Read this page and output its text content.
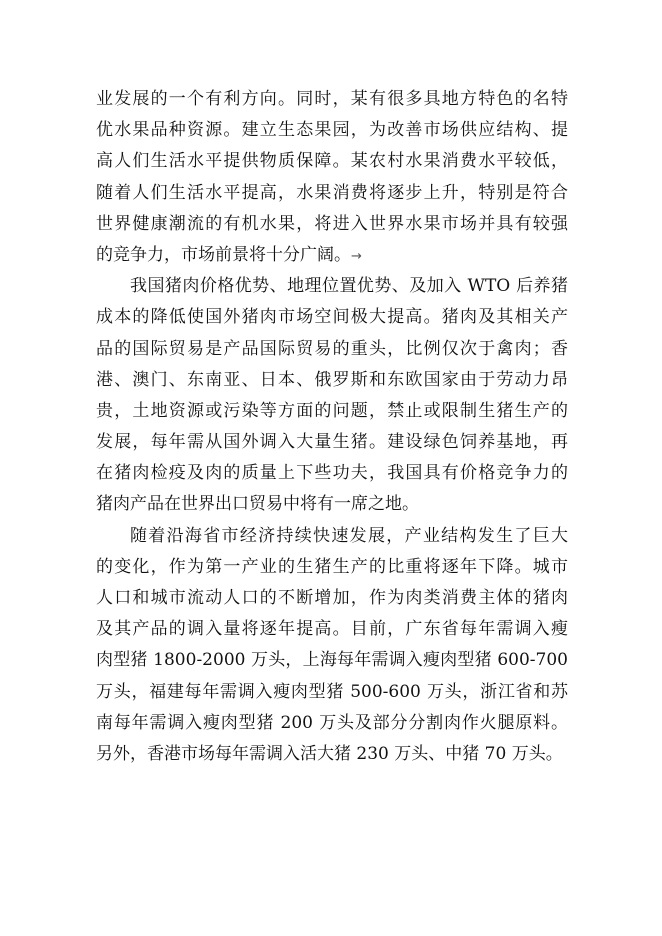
业发展的一个有利方向。同时，某有很多具地方特色的名特
优水果品种资源。建立生态果园，为改善市场供应结构、提
高人们生活水平提供物质保障。某农村水果消费水平较低，
随着人们生活水平提高，水果消费将逐步上升，特别是符合
世界健康潮流的有机水果，将进入世界水果市场并具有较强
的竞争力，市场前景将十分广阔。→
我国猪肉价格优势、地理位置优势、及加入 WTO 后养猪
成本的降低使国外猪肉市场空间极大提高。猪肉及其相关产
品的国际贸易是产品国际贸易的重头，比例仅次于禽肉；香
港、澳门、东南亚、日本、俄罗斯和东欧国家由于劳动力昂
贵，土地资源或污染等方面的问题，禁止或限制生猪生产的
发展，每年需从国外调入大量生猪。建设绿色饲养基地，再
在猪肉检疫及肉的质量上下些功夫，我国具有价格竞争力的
猪肉产品在世界出口贸易中将有一席之地。
随着沿海省市经济持续快速发展，产业结构发生了巨大
的变化，作为第一产业的生猪生产的比重将逐年下降。城市
人口和城市流动人口的不断增加，作为肉类消费主体的猪肉
及其产品的调入量将逐年提高。目前，广东省每年需调入瘦
肉型猪 1800-2000 万头，上海每年需调入瘦肉型猪 600-700
万头，福建每年需调入瘦肉型猪 500-600 万头，浙江省和苏
南每年需调入瘦肉型猪 200 万头及部分分割肉作火腿原料。
另外，香港市场每年需调入活大猪 230 万头、中猪 70 万头。
